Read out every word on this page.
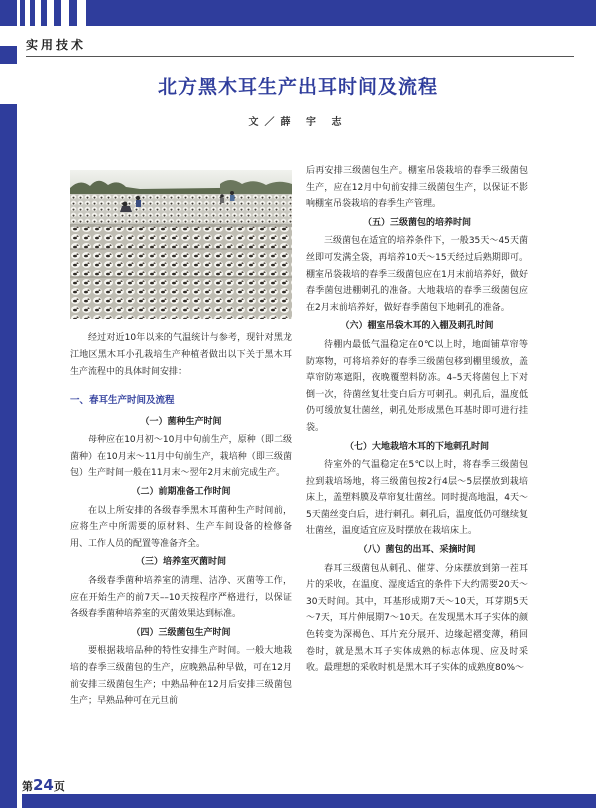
实用技术
北方黑木耳生产出耳时间及流程
文／薛 宇 志

经过对近10年以来的气温统计与参考，现针对黑龙江地区黑木耳小孔栽培生产种植者做出以下关于黑木耳生产流程中的具体时间安排：

一、春耳生产时间及流程
（一）菌种生产时间

母种应在10月初～10月中旬前生产，原种（即二级菌种）在10月末～11月中旬前生产，栽培种（即三级菌包）生产时间一般在11月末～翌年2月末前完成生产。

（二）前期准备工作时间

在以上所安排的各级春季黑木耳菌种生产时间前，应将生产中所需要的原材料、生产车间设备的检修备用、工作人员的配置等准备齐全。

（三）培养室灭菌时间

各级春季菌种培养室的清理、洁净、灭菌等工作，应在开始生产的前7天––10天按程序严格进行，以保证各级春季菌种培养室的灭菌效果达到标准。

（四）三级菌包生产时间

要根据栽培品种的特性安排生产时间。一般大地栽培的春季三级菌包的生产，应晚熟品种早做，可在12月前安排三级菌包生产；中熟品种在12月后安排三级菌包生产；早熟品种可在元旦前

后再安排三级菌包生产。棚室吊袋栽培的春季三级菌包生产，应在12月中旬前安排三级菌包生产，以保证不影响棚室吊袋栽培的春季生产管理。

（五）三级菌包的培养时间

三级菌包在适宜的培养条件下，一般35天～45天菌丝即可发满全袋，再培养10天～15天经过后熟期即可。棚室吊袋栽培的春季三级菌包应在1月末前培养好，做好春季菌包进棚刺孔的准备。大地栽培的春季三级菌包应在2月末前培养好，做好春季菌包下地刺孔的准备。

（六）棚室吊袋木耳的入棚及刺孔时间

待棚内最低气温稳定在0℃以上时，地面铺草帘等防寒物，可将培养好的春季三级菌包移到棚里缓放，盖草帘防寒遮阳，夜晚覆塑料防冻。4–5天将菌包上下对倒一次，待菌丝复壮变白后方可刺孔。刺孔后，温度低仍可缓放复壮菌丝，刺孔处形成黑色耳基时即可进行挂袋。

（七）大地栽培木耳的下地刺孔时间

待室外的气温稳定在5℃以上时，将春季三级菌包拉到栽培场地，将三级菌包按2行4层～5层摆放到栽培床上，盖塑料膜及草帘复壮菌丝。同时提高地温，4天～5天菌丝变白后，进行刺孔。刺孔后，温度低仍可继续复壮菌丝，温度适宜应及时摆放在栽培床上。

（八）菌包的出耳、采摘时间

春耳三级菌包从刺孔、催芽、分床摆放到第一茬耳片的采收，在温度、湿度适宜的条件下大约需要20天～30天时间。其中，耳基形成期7天～10天，耳芽期5天～7天，耳片伸展期7～10天。在发现黑木耳子实体的颜色转变为深褐色、耳片充分展开、边缘起褶变薄，稍回卷时，就是黑木耳子实体成熟的标志体现、应及时采收。最理想的采收时机是黑木耳子实体的成熟度80%～

第24页
